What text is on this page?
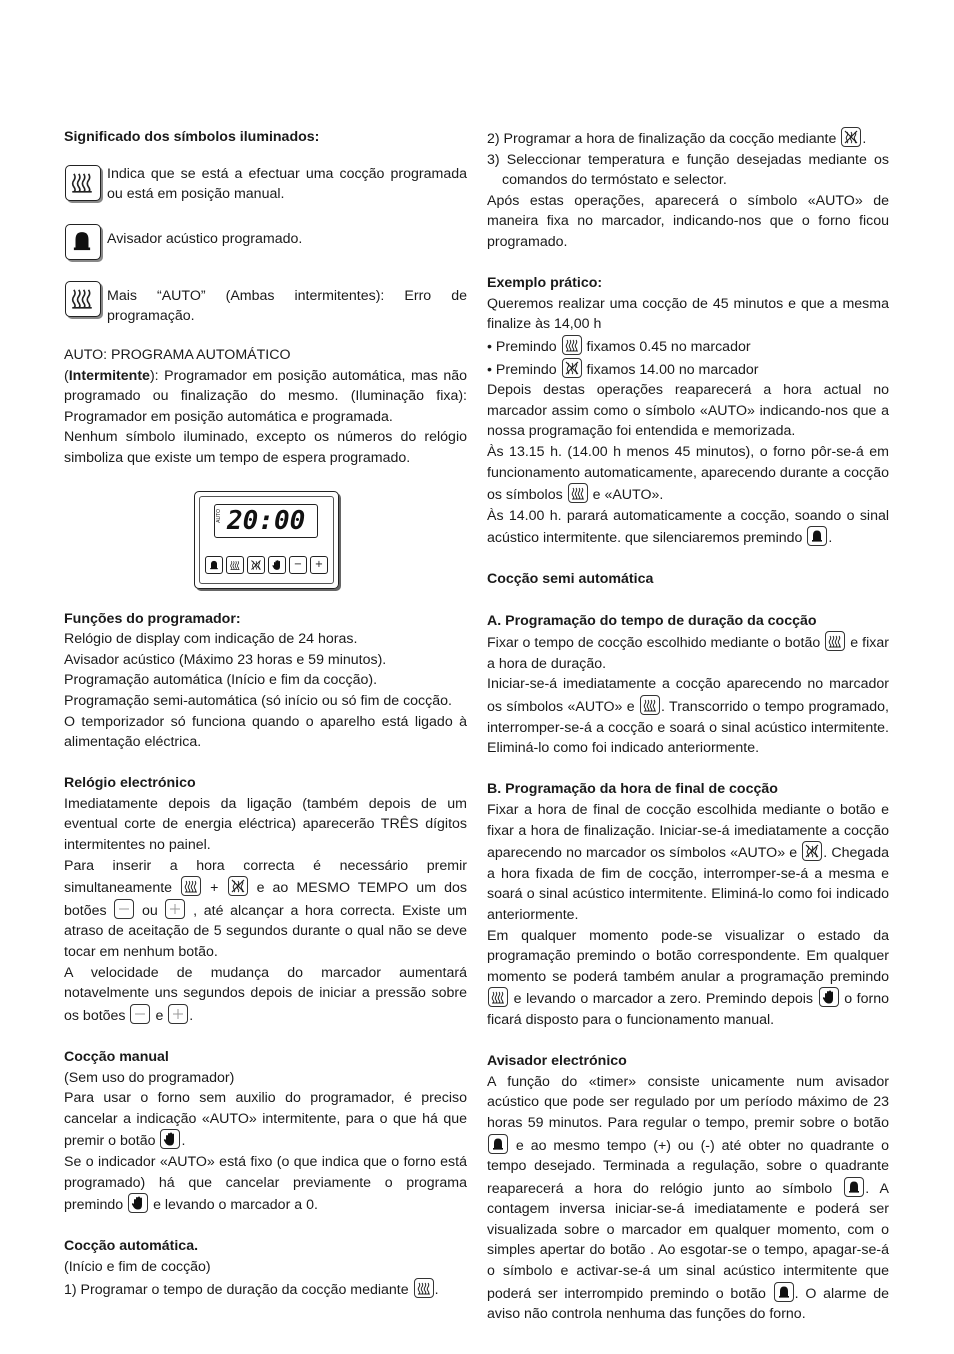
Significado dos símbolos iluminados:

Indica que se está a efectuar uma cocção programada ou está em posição manual.

Avisador acústico programado.

Mais “AUTO” (Ambas intermitentes): Erro de programação.

AUTO: PROGRAMA AUTOMÁTICO

(Intermitente): Programador em posição automática, mas não programado ou finalização do mesmo. (Iluminação fixa): Programador em posição automática e programada.

Nenhum símbolo iluminado, excepto os números do relógio simboliza que existe um tempo de espera programado.

AUTO 20:00
−	+

Funções do programador:

Relógio de display com indicação de 24 horas.

Avisador acústico (Máximo 23 horas e 59 minutos).

Programação automática (Início e fim da cocção).

Programação semi-automática (só início ou só fim de cocção.

O temporizador só funciona quando o aparelho está ligado à alimentação eléctrica.

Relógio electrónico

Imediatamente depois da ligação (também depois de um eventual corte de energia eléctrica) aparecerão TRÊS dígitos intermitentes no painel.

Para inserir a hora correcta é necessário premir simultaneamente	+	e ao MESMO TEMPO um dos botões ou , até alcançar a hora correcta. Existe um atraso de aceitação de 5 segundos durante o qual não se deve tocar em nenhum botão.

A velocidade de mudança do marcador aumentará notavelmente uns segundos depois de iniciar a pressão sobre os botões e .

Cocção manual

(Sem uso do programador)

Para usar o forno sem auxilio do programador, é preciso cancelar a indicação «AUTO» intermitente, para o que há que premir o botão .

Se o indicador «AUTO» está fixo (o que indica que o forno está programado) há que cancelar previamente o programa premindo e levando o marcador a 0.

Cocção automática.

(Início e fim de cocção)

1) Programar o tempo de duração da cocção mediante .

2) Programar a hora de finalização da cocção mediante .

3) Seleccionar temperatura e função desejadas mediante os comandos do termóstato e selector.

Após estas operações, aparecerá o símbolo «AUTO» de maneira fixa no marcador, indicando-nos que o forno ficou programado.

Exemplo prático:

Queremos realizar uma cocção de 45 minutos e que a mesma finalize às 14,00 h

• Premindo fixamos 0.45 no marcador

• Premindo fixamos 14.00 no marcador

Depois destas operações reaparecerá a hora actual no marcador assim como o símbolo «AUTO» indicando-nos que a nossa programação foi entendida e memorizada.

Às 13.15 h. (14.00 h menos 45 minutos), o forno pôr-se-á em funcionamento automaticamente, aparecendo durante a cocção os símbolos e «AUTO».

Às 14.00 h. parará automaticamente a cocção, soando o sinal acústico intermitente. que silenciaremos premindo .

Cocção semi automática

A. Programação do tempo de duração da cocção

Fixar o tempo de cocção escolhido mediante o botão e fixar a hora de duração.

Iniciar-se-á imediatamente a cocção aparecendo no marcador os símbolos «AUTO» e . Transcorrido o tempo programado, interromper-se-á a cocção e soará o sinal acústico intermitente. Eliminá-lo como foi indicado anteriormente.

B. Programação da hora de final de cocção

Fixar a hora de final de cocção escolhida mediante o botão e fixar a hora de finalização. Iniciar-se-á imediatamente a cocção aparecendo no marcador os símbolos «AUTO» e . Chegada a hora fixada de fim de cocção, interromper-se-á a mesma e soará o sinal acústico intermitente. Eliminá-lo como foi indicado anteriormente.

Em qualquer momento pode-se visualizar o estado da programação premindo o botão correspondente. Em qualquer momento se poderá também anular a programação premindo
e levando o marcador a zero. Premindo depois o forno ficará disposto para o funcionamento manual.

Avisador electrónico

A função do «timer» consiste unicamente num avisador acústico que pode ser regulado por um período máximo de 23 horas 59 minutos. Para regular o tempo, premir sobre o botão
e ao mesmo tempo (+) ou (-) até obter no quadrante o tempo desejado. Terminada a regulação, sobre o quadrante reaparecerá a hora do relógio junto ao símbolo . A contagem inversa iniciar-se-á imediatamente e poderá ser visualizada sobre o marcador em qualquer momento, com o simples apertar do botão . Ao esgotar-se o tempo, apagar-se-á o símbolo e activar-se-á um sinal acústico intermitente que poderá ser interrompido premindo o botão . O alarme de aviso não controla nenhuma das funções do forno.
